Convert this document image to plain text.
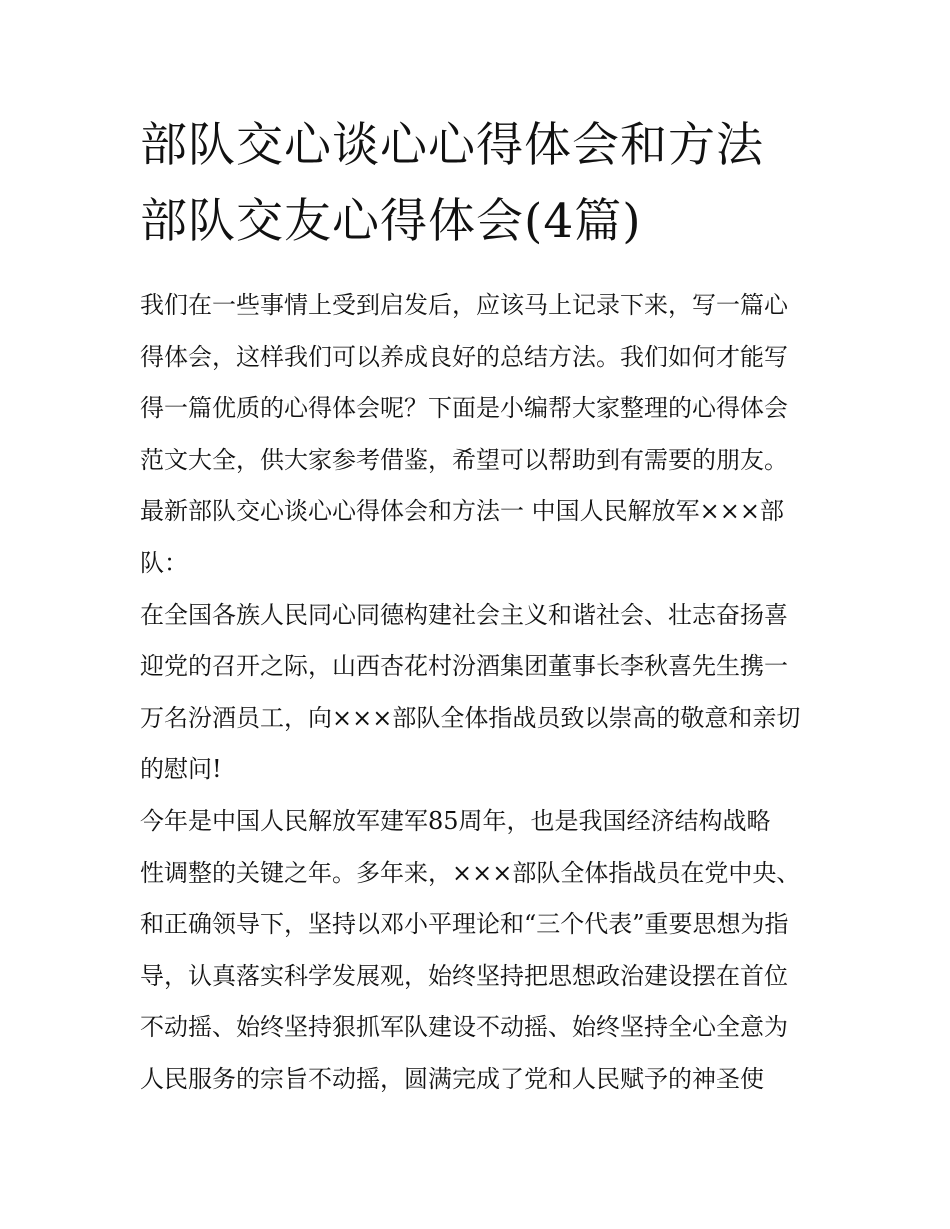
部队交心谈心心得体会和方法
部队交友心得体会(4篇)
我们在一些事情上受到启发后，应该马上记录下来，写一篇心
得体会，这样我们可以养成良好的总结方法。我们如何才能写
得一篇优质的心得体会呢？下面是小编帮大家整理的心得体会
范文大全，供大家参考借鉴，希望可以帮助到有需要的朋友。
最新部队交心谈心心得体会和方法一 中国人民解放军×××部
队：
在全国各族人民同心同德构建社会主义和谐社会、壮志奋扬喜
迎党的召开之际，山西杏花村汾酒集团董事长李秋喜先生携一
万名汾酒员工，向×××部队全体指战员致以崇高的敬意和亲切
的慰问!
今年是中国人民解放军建军85周年，也是我国经济结构战略
性调整的关键之年。多年来，×××部队全体指战员在党中央、
和正确领导下，坚持以邓小平理论和“三个代表”重要思想为指
导，认真落实科学发展观，始终坚持把思想政治建设摆在首位
不动摇、始终坚持狠抓军队建设不动摇、始终坚持全心全意为
人民服务的宗旨不动摇，圆满完成了党和人民赋予的神圣使
